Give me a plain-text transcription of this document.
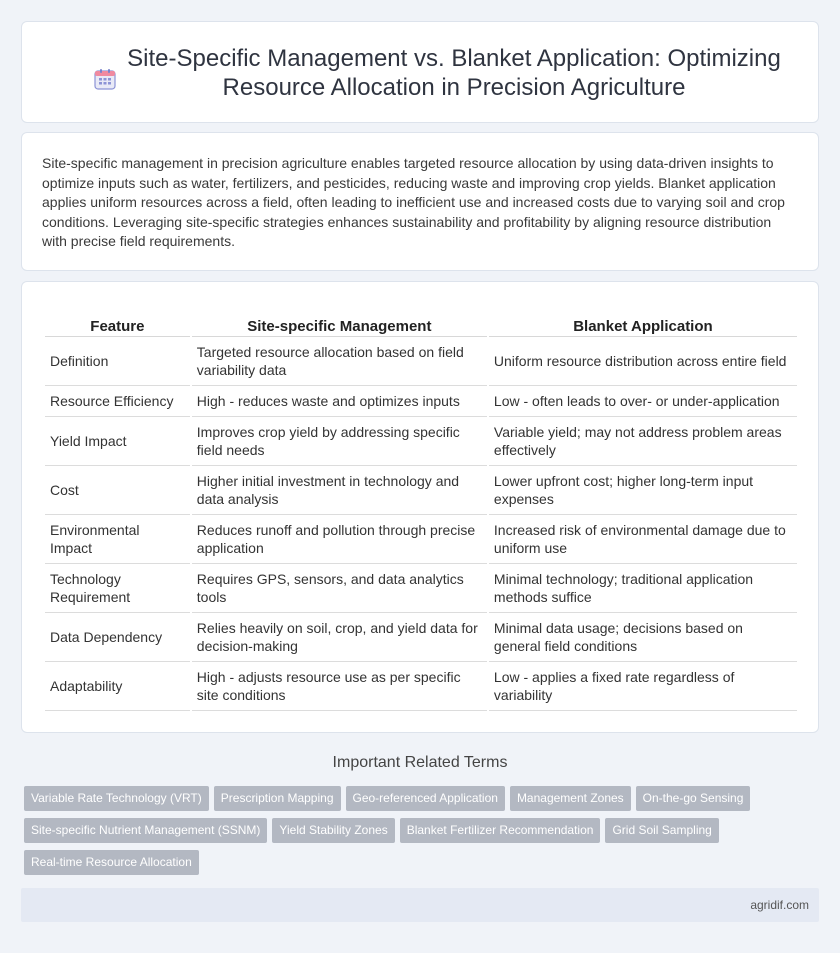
Site-Specific Management vs. Blanket Application: Optimizing Resource Allocation in Precision Agriculture

Site-specific management in precision agriculture enables targeted resource allocation by using data-driven insights to optimize inputs such as water, fertilizers, and pesticides, reducing waste and improving crop yields. Blanket application applies uniform resources across a field, often leading to inefficient use and increased costs due to varying soil and crop conditions. Leveraging site-specific strategies enhances sustainability and profitability by aligning resource distribution with precise field requirements.

Feature	Site-specific Management	Blanket Application
Definition	Targeted resource allocation based on field variability data	Uniform resource distribution across entire field
Resource Efficiency	High - reduces waste and optimizes inputs	Low - often leads to over- or under-application
Yield Impact	Improves crop yield by addressing specific field needs	Variable yield; may not address problem areas effectively
Cost	Higher initial investment in technology and data analysis	Lower upfront cost; higher long-term input expenses
Environmental Impact	Reduces runoff and pollution through precise application	Increased risk of environmental damage due to uniform use
Technology Requirement	Requires GPS, sensors, and data analytics tools	Minimal technology; traditional application methods suffice
Data Dependency	Relies heavily on soil, crop, and yield data for decision-making	Minimal data usage; decisions based on general field conditions
Adaptability	High - adjusts resource use as per specific site conditions	Low - applies a fixed rate regardless of variability
Important Related Terms
Variable Rate Technology (VRT) Prescription Mapping Geo-referenced Application Management Zones On-the-go Sensing
Site-specific Nutrient Management (SSNM) Yield Stability Zones Blanket Fertilizer Recommendation Grid Soil Sampling
Real-time Resource Allocation
agridif.com
